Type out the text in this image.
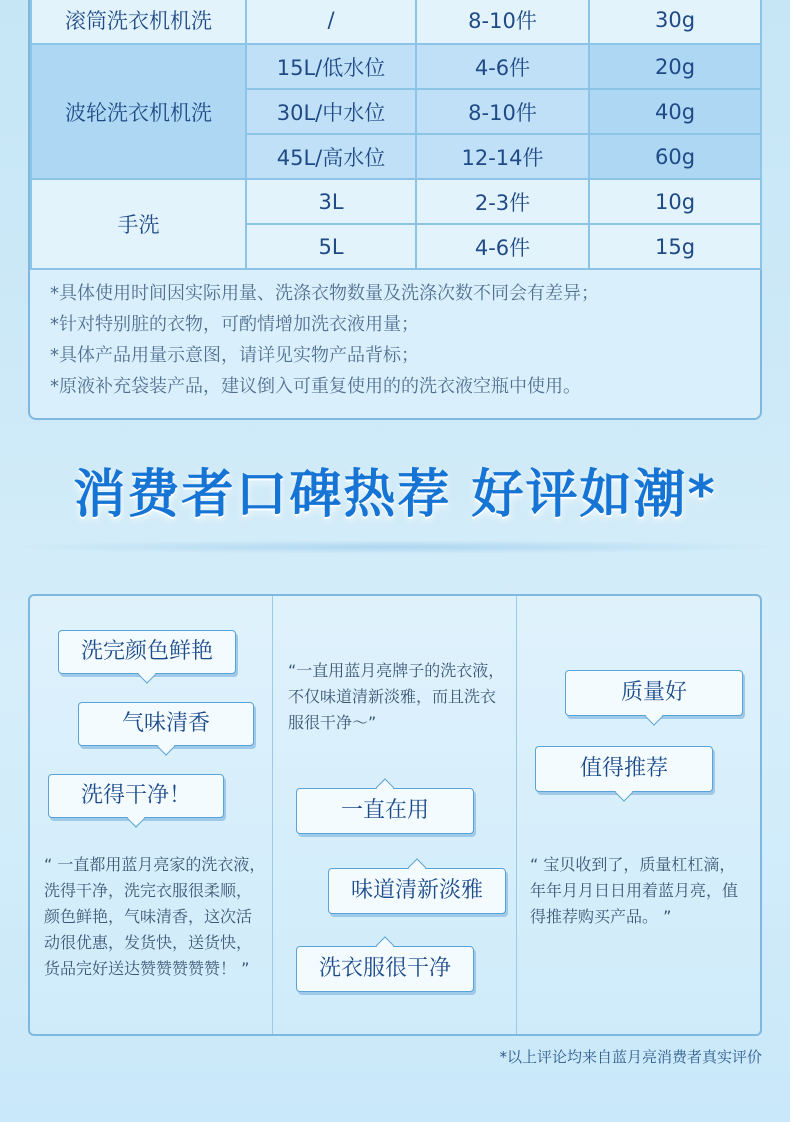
滚筒洗衣机机洗	/	8-10件	30g
波轮洗衣机机洗	15L/低水位	4-6件	20g
	30L/中水位	8-10件	40g
	45L/高水位	12-14件	60g
手洗	3L	2-3件	10g
	5L	4-6件	15g
*具体使用时间因实际用量、洗涤衣物数量及洗涤次数不同会有差异；
*针对特别脏的衣物，可酌情增加洗衣液用量；
*具体产品用量示意图，请详见实物产品背标；
*原液补充袋装产品，建议倒入可重复使用的的洗衣液空瓶中使用。
消费者口碑热荐 好评如潮*
洗完颜色鲜艳
气味清香
洗得干净！
“ 一直都用蓝月亮家的洗衣液，洗得干净，洗完衣服很柔顺，颜色鲜艳，气味清香，这次活动很优惠，发货快，送货快，货品完好送达赞赞赞赞赞！ ”
“一直用蓝月亮牌子的洗衣液，不仅味道清新淡雅，而且洗衣服很干净～”
一直在用
味道清新淡雅
洗衣服很干净
质量好
值得推荐
“ 宝贝收到了，质量杠杠滴，年年月月日日用着蓝月亮，值得推荐购买产品。 ”
*以上评论均来自蓝月亮消费者真实评价
